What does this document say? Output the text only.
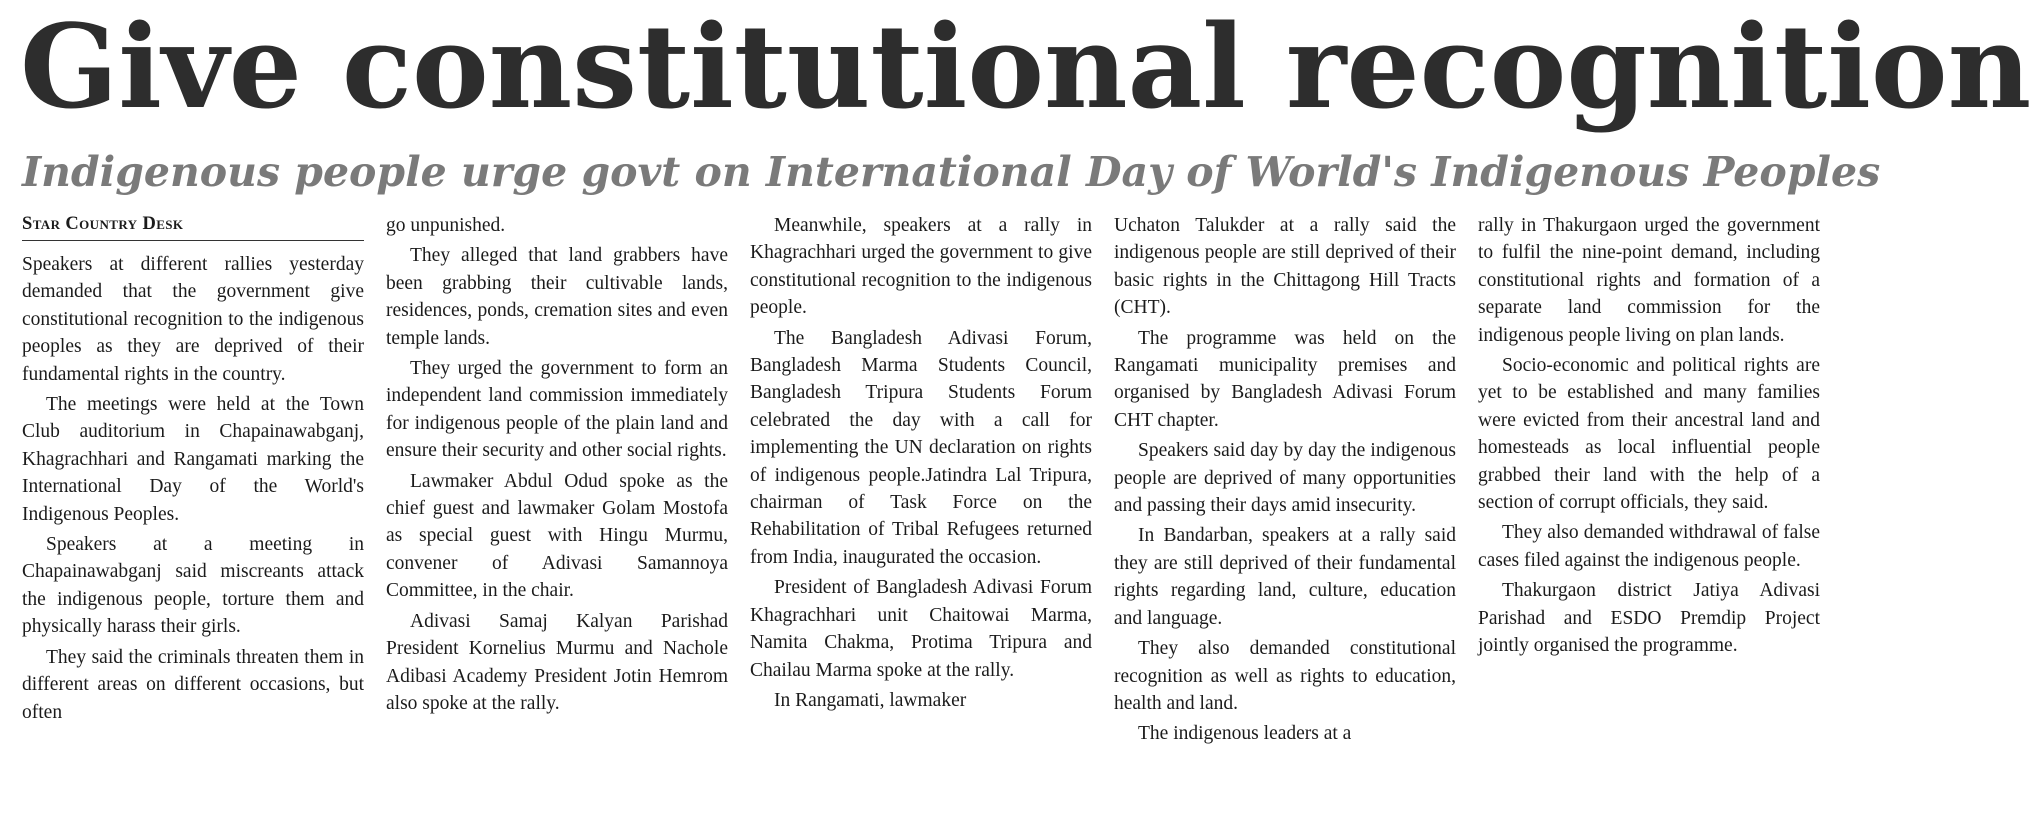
Give constitutional recognition
Indigenous people urge govt on International Day of World's Indigenous Peoples
Star Country Desk

Speakers at different rallies yesterday demanded that the government give constitutional recognition to the indigenous peoples as they are deprived of their fundamental rights in the country.

The meetings were held at the Town Club auditorium in Chapainawabganj, Khagrachhari and Rangamati marking the International Day of the World's Indigenous Peoples.

Speakers at a meeting in Chapainawabganj said miscreants attack the indigenous people, torture them and physically harass their girls.

They said the criminals threaten them in different areas on different occasions, but often

go unpunished.

They alleged that land grabbers have been grabbing their cultivable lands, residences, ponds, cremation sites and even temple lands.

They urged the government to form an independent land commission immediately for indigenous people of the plain land and ensure their security and other social rights.

Lawmaker Abdul Odud spoke as the chief guest and lawmaker Golam Mostofa as special guest with Hingu Murmu, convener of Adivasi Samannoya Committee, in the chair.

Adivasi Samaj Kalyan Parishad President Kornelius Murmu and Nachole Adibasi Academy President Jotin Hemrom also spoke at the rally.

Meanwhile, speakers at a rally in Khagrachhari urged the government to give constitutional recognition to the indigenous people.

The Bangladesh Adivasi Forum, Bangladesh Marma Students Council, Bangladesh Tripura Students Forum celebrated the day with a call for implementing the UN declaration on rights of indigenous people.Jatindra Lal Tripura, chairman of Task Force on the Rehabilitation of Tribal Refugees returned from India, inaugurated the occasion.

President of Bangladesh Adivasi Forum Khagrachhari unit Chaitowai Marma, Namita Chakma, Protima Tripura and Chailau Marma spoke at the rally.

In Rangamati, lawmaker

Uchaton Talukder at a rally said the indigenous people are still deprived of their basic rights in the Chittagong Hill Tracts (CHT).

The programme was held on the Rangamati municipality premises and organised by Bangladesh Adivasi Forum CHT chapter.

Speakers said day by day the indigenous people are deprived of many opportunities and passing their days amid insecurity.

In Bandarban, speakers at a rally said they are still deprived of their fundamental rights regarding land, culture, education and language.

They also demanded constitutional recognition as well as rights to education, health and land.

The indigenous leaders at a

rally in Thakurgaon urged the government to fulfil the nine-point demand, including constitutional rights and formation of a separate land commission for the indigenous people living on plan lands.

Socio-economic and political rights are yet to be established and many families were evicted from their ancestral land and homesteads as local influential people grabbed their land with the help of a section of corrupt officials, they said.

They also demanded withdrawal of false cases filed against the indigenous people.

Thakurgaon district Jatiya Adivasi Parishad and ESDO Premdip Project jointly organised the programme.
